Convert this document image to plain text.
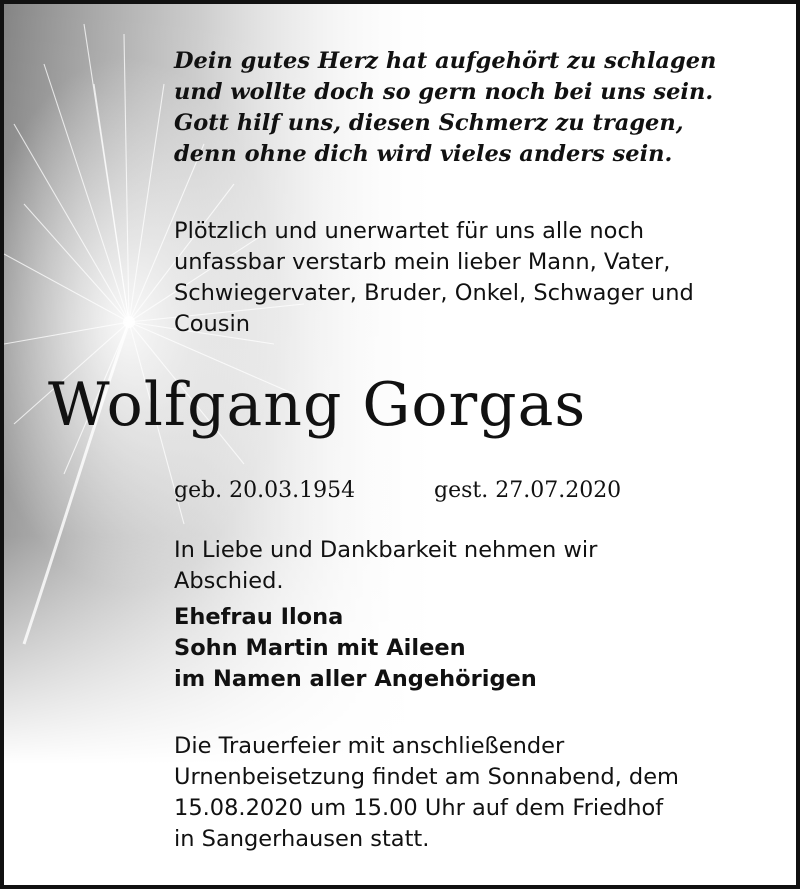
Dein gutes Herz hat aufgehört zu schlagen
und wollte doch so gern noch bei uns sein.
Gott hilf uns, diesen Schmerz zu tragen,
denn ohne dich wird vieles anders sein.
Plötzlich und unerwartet für uns alle noch
unfassbar verstarb mein lieber Mann, Vater,
Schwiegervater, Bruder, Onkel, Schwager und
Cousin
Wolfgang Gorgas
geb. 20.03.1954	gest. 27.07.2020
In Liebe und Dankbarkeit nehmen wir
Abschied.
Ehefrau Ilona
Sohn Martin mit Aileen
im Namen aller Angehörigen
Die Trauerfeier mit anschließender
Urnenbeisetzung findet am Sonnabend, dem
15.08.2020 um 15.00 Uhr auf dem Friedhof
in Sangerhausen statt.
